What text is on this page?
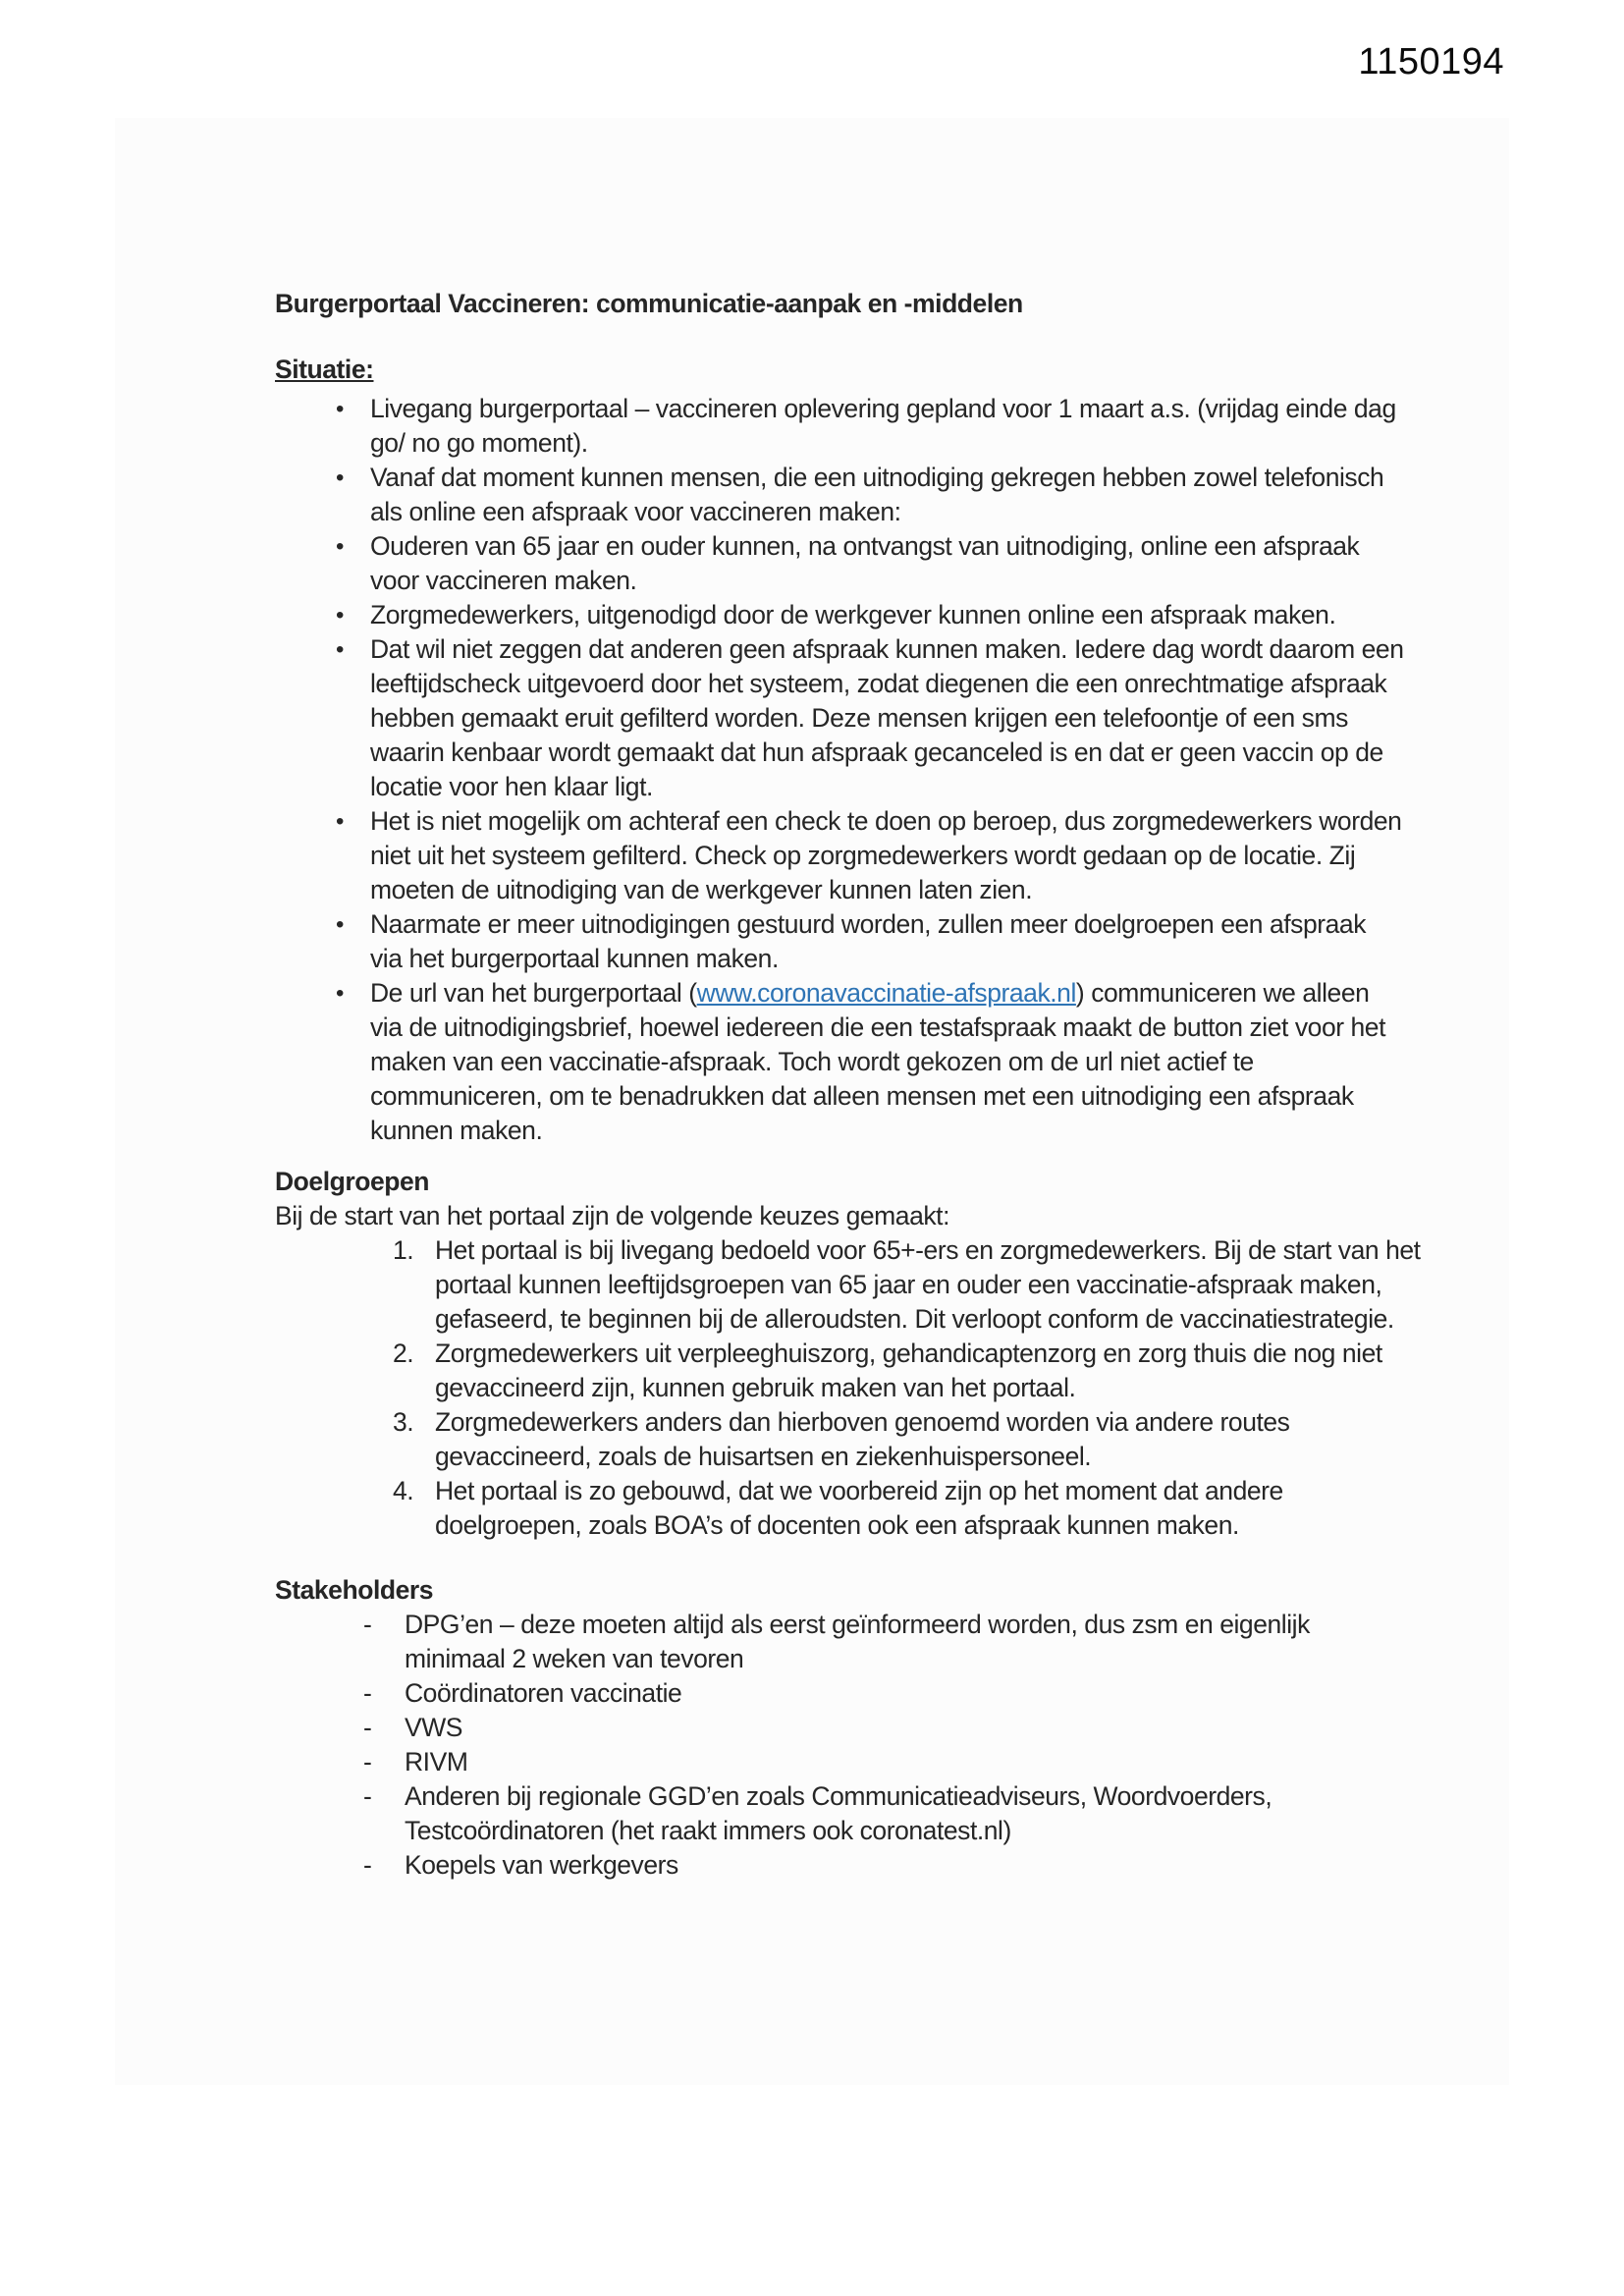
1150194
Burgerportaal Vaccineren: communicatie-aanpak en -middelen
Situatie:
• Livegang burgerportaal – vaccineren oplevering gepland voor 1 maart a.s. (vrijdag einde dag
go/ no go moment).
• Vanaf dat moment kunnen mensen, die een uitnodiging gekregen hebben zowel telefonisch
als online een afspraak voor vaccineren maken:
• Ouderen van 65 jaar en ouder kunnen, na ontvangst van uitnodiging, online een afspraak
voor vaccineren maken.
• Zorgmedewerkers, uitgenodigd door de werkgever kunnen online een afspraak maken.
• Dat wil niet zeggen dat anderen geen afspraak kunnen maken. Iedere dag wordt daarom een
leeftijdscheck uitgevoerd door het systeem, zodat diegenen die een onrechtmatige afspraak
hebben gemaakt eruit gefilterd worden. Deze mensen krijgen een telefoontje of een sms
waarin kenbaar wordt gemaakt dat hun afspraak gecanceled is en dat er geen vaccin op de
locatie voor hen klaar ligt.
• Het is niet mogelijk om achteraf een check te doen op beroep, dus zorgmedewerkers worden
niet uit het systeem gefilterd. Check op zorgmedewerkers wordt gedaan op de locatie. Zij
moeten de uitnodiging van de werkgever kunnen laten zien.
• Naarmate er meer uitnodigingen gestuurd worden, zullen meer doelgroepen een afspraak
via het burgerportaal kunnen maken.
• De url van het burgerportaal (www.coronavaccinatie-afspraak.nl) communiceren we alleen
via de uitnodigingsbrief, hoewel iedereen die een testafspraak maakt de button ziet voor het
maken van een vaccinatie-afspraak. Toch wordt gekozen om de url niet actief te
communiceren, om te benadrukken dat alleen mensen met een uitnodiging een afspraak
kunnen maken.
Doelgroepen
Bij de start van het portaal zijn de volgende keuzes gemaakt:
1. Het portaal is bij livegang bedoeld voor 65+-ers en zorgmedewerkers. Bij de start van het
portaal kunnen leeftijdsgroepen van 65 jaar en ouder een vaccinatie-afspraak maken,
gefaseerd, te beginnen bij de alleroudsten. Dit verloopt conform de vaccinatiestrategie.
2. Zorgmedewerkers uit verpleeghuiszorg, gehandicaptenzorg en zorg thuis die nog niet
gevaccineerd zijn, kunnen gebruik maken van het portaal.
3. Zorgmedewerkers anders dan hierboven genoemd worden via andere routes
gevaccineerd, zoals de huisartsen en ziekenhuispersoneel.
4. Het portaal is zo gebouwd, dat we voorbereid zijn op het moment dat andere
doelgroepen, zoals BOA’s of docenten ook een afspraak kunnen maken.
Stakeholders
- DPG’en – deze moeten altijd als eerst geïnformeerd worden, dus zsm en eigenlijk
minimaal 2 weken van tevoren
- Coördinatoren vaccinatie
- VWS
- RIVM
- Anderen bij regionale GGD’en zoals Communicatieadviseurs, Woordvoerders,
Testcoördinatoren (het raakt immers ook coronatest.nl)
- Koepels van werkgevers
